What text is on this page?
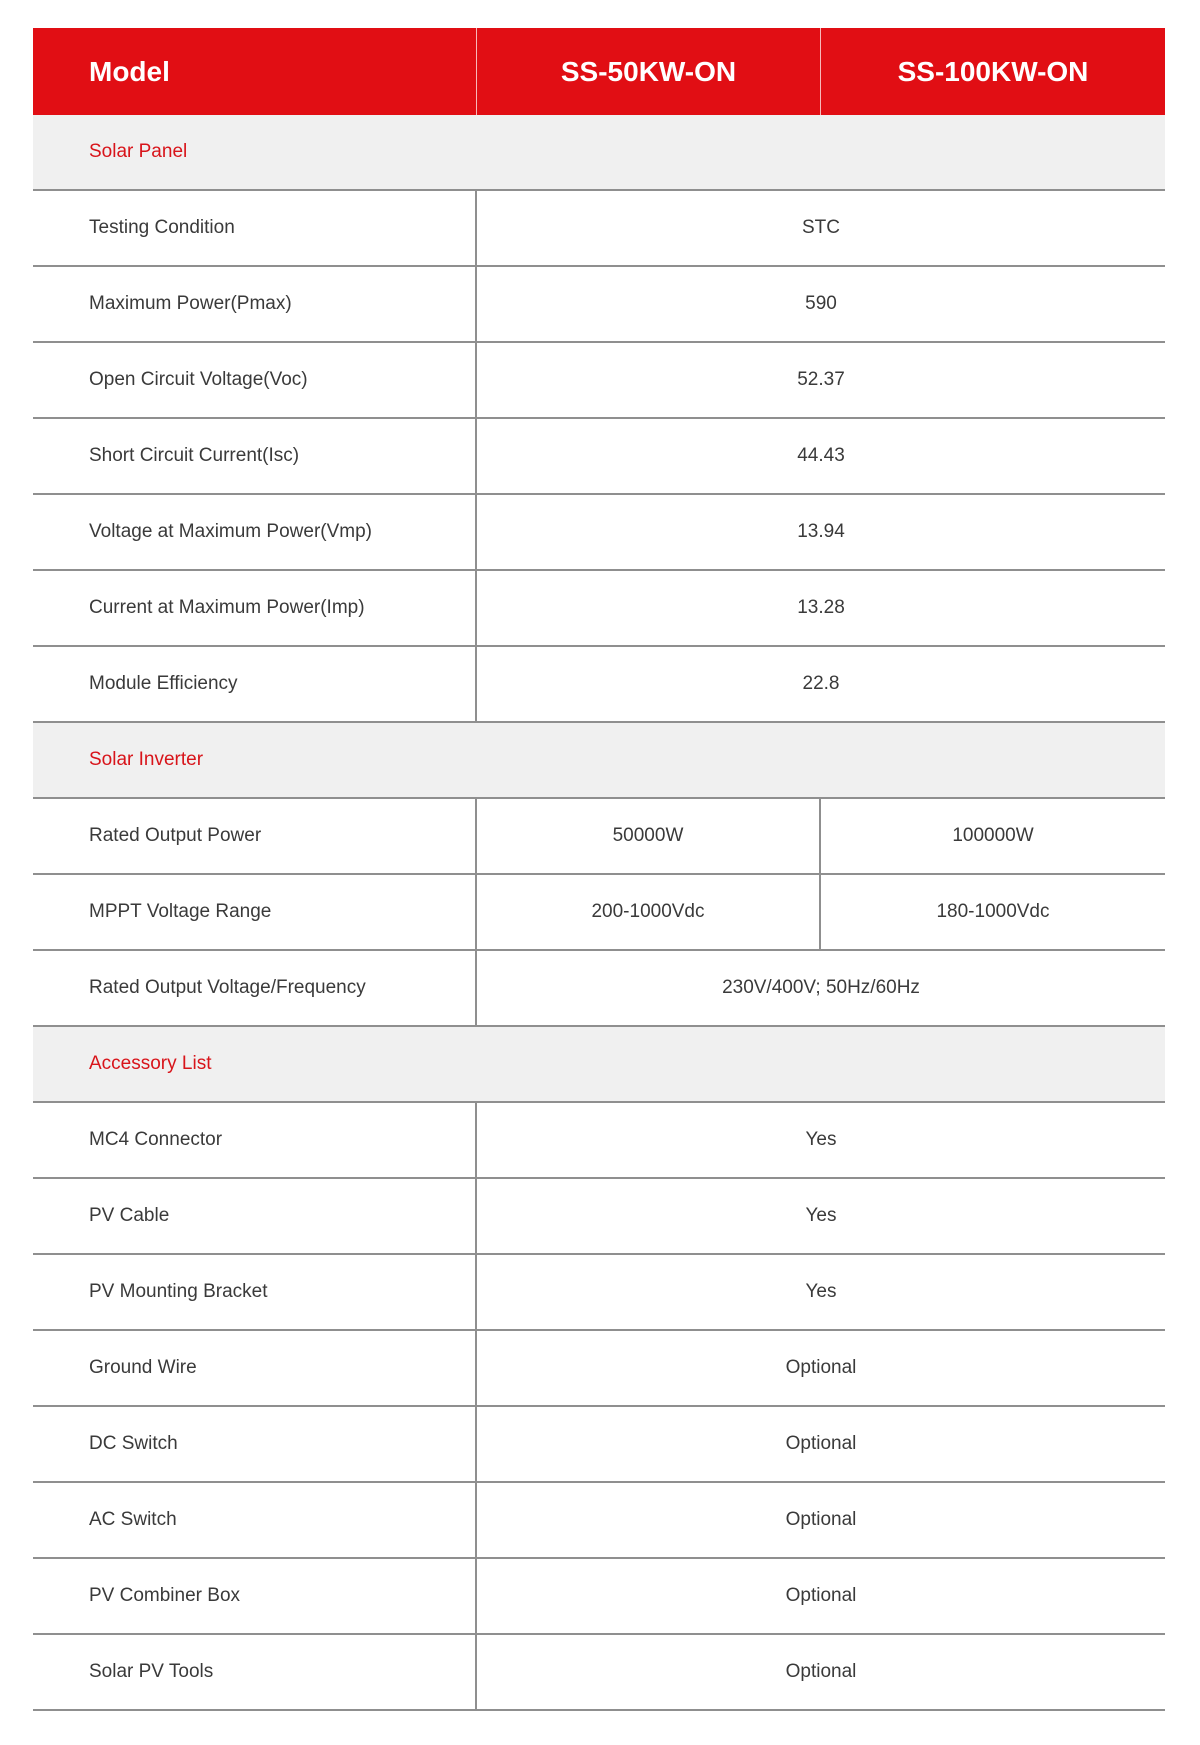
Model	SS-50KW-ON	SS-100KW-ON
Solar Panel
Testing Condition	STC
Maximum Power(Pmax)	590
Open Circuit Voltage(Voc)	52.37
Short Circuit Current(Isc)	44.43
Voltage at Maximum Power(Vmp)	13.94
Current at Maximum Power(Imp)	13.28
Module Efficiency	22.8
Solar Inverter
Rated Output Power	50000W	100000W
MPPT Voltage Range	200-1000Vdc	180-1000Vdc
Rated Output Voltage/Frequency	230V/400V; 50Hz/60Hz
Accessory List
MC4 Connector	Yes
PV Cable	Yes
PV Mounting Bracket	Yes
Ground Wire	Optional
DC Switch	Optional
AC Switch	Optional
PV Combiner Box	Optional
Solar PV Tools	Optional
